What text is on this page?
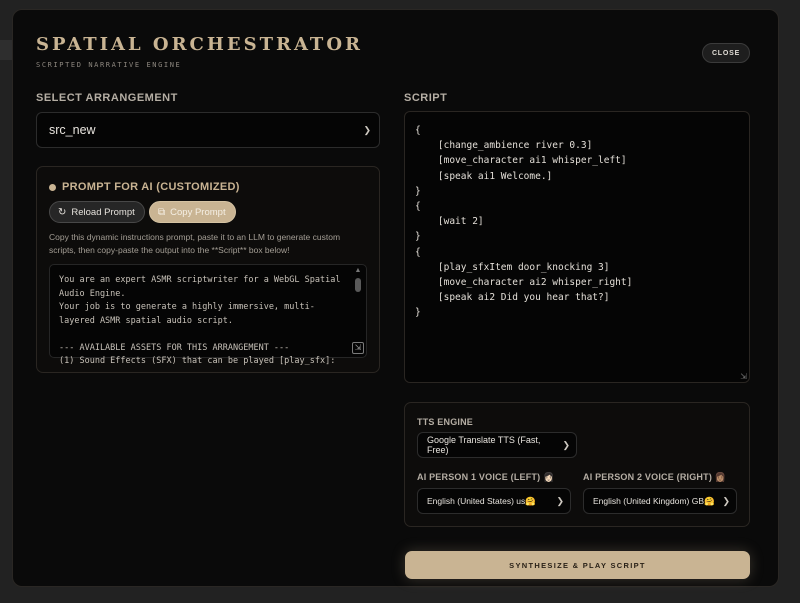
SPATIAL ORCHESTRATOR
SCRIPTED NARRATIVE ENGINE
CLOSE
SELECT ARRANGEMENT
src_new	❯
PROMPT FOR AI (CUSTOMIZED)
↻ Reload Prompt ⧉ Copy Prompt
Copy this dynamic instructions prompt, paste it to an LLM to generate custom scripts, then copy-paste the output into the **Script** box below!
You are an expert ASMR scriptwriter for a WebGL Spatial Audio Engine.
Your job is to generate a highly immersive, multi-layered ASMR spatial audio script.

--- AVAILABLE ASSETS FOR THIS ARRANGEMENT ---
(1) Sound Effects (SFX) that can be played [play_sfx]:
▲
⇲
SCRIPT
{
[change_ambience river 0.3]
[move_character ai1 whisper_left]
[speak ai1 Welcome.]
}
{
[wait 2]
}
{
[play_sfxItem door_knocking 3]
[move_character ai2 whisper_right]
[speak ai2 Did you hear that?]
}
⇲
TTS ENGINE
Google Translate TTS (Fast, Free)
❯
AI PERSON 1 VOICE (LEFT) 👩🏻
English (United States) us🤗 ❯
AI PERSON 2 VOICE (RIGHT) 👩🏽
English (United Kingdom) GB🤗 ❯
SYNTHESIZE & PLAY SCRIPT
